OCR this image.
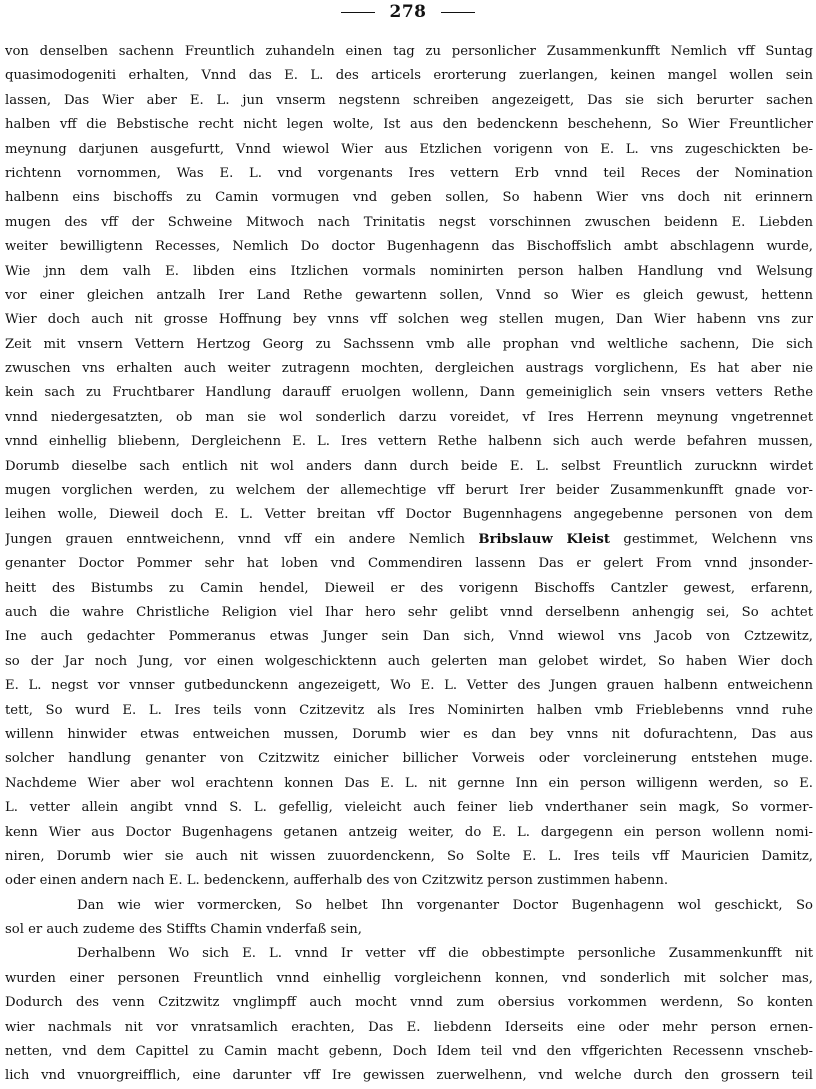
278
von denselben sachenn Freuntlich zuhandeln einen tag zu personlicher Zusammenkunfft Nemlich vff Suntag
quasimodogeniti erhalten, Vnnd das E. L. des articels erorterung zuerlangen, keinen mangel wollen sein
lassen, Das Wier aber E. L. jun vnserm negstenn schreiben angezeigett, Das sie sich berurter sachen
halben vff die Bebstische recht nicht legen wolte, Ist aus den bedenckenn beschehenn, So Wier Freuntlicher
meynung darjunen ausgefurtt, Vnnd wiewol Wier aus Etzlichen vorigenn von E. L. vns zugeschickten be-
richtenn vornommen, Was E. L. vnd vorgenants Ires vettern Erb vnnd teil Reces der Nomination
halbenn eins bischoffs zu Camin vormugen vnd geben sollen, So habenn Wier vns doch nit erinnern
mugen des vff der Schweine Mitwoch nach Trinitatis negst vorschinnen zwuschen beidenn E. Liebden
weiter bewilligtenn Recesses, Nemlich Do doctor Bugenhagenn das Bischoffslich ambt abschlagenn wurde,
Wie jnn dem valh E. libden eins Itzlichen vormals nominirten person halben Handlung vnd Welsung
vor einer gleichen antzalh Irer Land Rethe gewartenn sollen, Vnnd so Wier es gleich gewust, hettenn
Wier doch auch nit grosse Hoffnung bey vnns vff solchen weg stellen mugen, Dan Wier habenn vns zur
Zeit mit vnsern Vettern Hertzog Georg zu Sachssenn vmb alle prophan vnd weltliche sachenn, Die sich
zwuschen vns erhalten auch weiter zutragenn mochten, dergleichen austrags vorglichenn, Es hat aber nie
kein sach zu Fruchtbarer Handlung darauff eruolgen wollenn, Dann gemeiniglich sein vnsers vetters Rethe
vnnd niedergesatzten, ob man sie wol sonderlich darzu voreidet, vf Ires Herrenn meynung vngetrennet
vnnd einhellig bliebenn, Dergleichenn E. L. Ires vettern Rethe halbenn sich auch werde befahren mussen,
Dorumb dieselbe sach entlich nit wol anders dann durch beide E. L. selbst Freuntlich zurucknn wirdet
mugen vorglichen werden, zu welchem der allemechtige vff berurt Irer beider Zusammenkunfft gnade vor-
leihen wolle, Dieweil doch E. L. Vetter breitan vff Doctor Bugennhagens angegebenne personen von dem
Jungen grauen enntweichenn, vnnd vff ein andere Nemlich Bribslauw Kleist gestimmet, Welchenn vns
genanter Doctor Pommer sehr hat loben vnd Commendiren lassenn Das er gelert From vnnd jnsonder-
heitt des Bistumbs zu Camin hendel, Dieweil er des vorigenn Bischoffs Cantzler gewest, erfarenn,
auch die wahre Christliche Religion viel Ihar hero sehr gelibt vnnd derselbenn anhengig sei, So achtet
Ine auch gedachter Pommeranus etwas Junger sein Dan sich, Vnnd wiewol vns Jacob von Cztzewitz,
so der Jar noch Jung, vor einen wolgeschicktenn auch gelerten man gelobet wirdet, So haben Wier doch
E. L. negst vor vnnser gutbedunckenn angezeigett, Wo E. L. Vetter des Jungen grauen halbenn entweichenn
tett, So wurd E. L. Ires teils vonn Czitzevitz als Ires Nominirten halben vmb Frieblebenns vnnd ruhe
willenn hinwider etwas entweichen mussen, Dorumb wier es dan bey vnns nit dofurachtenn, Das aus
solcher handlung genanter von Czitzwitz einicher billicher Vorweis oder vorcleinerung entstehen muge.
Nachdeme Wier aber wol erachtenn konnen Das E. L. nit gernne Inn ein person willigenn werden, so E.
L. vetter allein angibt vnnd S. L. gefellig, vieleicht auch feiner lieb vnderthaner sein magk, So vormer-
kenn Wier aus Doctor Bugenhagens getanen antzeig weiter, do E. L. dargegenn ein person wollenn nomi-
niren, Dorumb wier sie auch nit wissen zuuordenckenn, So Solte E. L. Ires teils vff Mauricien Damitz,
oder einen andern nach E. L. bedenckenn, aufferhalb des von Czitzwitz person zustimmen habenn.
Dan wie wier vormercken, So helbet Ihn vorgenanter Doctor Bugenhagenn wol geschickt, So
sol er auch zudeme des Stiffts Chamin vnderfaß sein,
Derhalbenn Wo sich E. L. vnnd Ir vetter vff die obbestimpte personliche Zusammenkunfft nit
wurden einer personen Freuntlich vnnd einhellig vorgleichenn konnen, vnd sonderlich mit solcher mas,
Dodurch des venn Czitzwitz vnglimpff auch mocht vnnd zum obersius vorkommen werdenn, So konten
wier nachmals nit vor vnratsamlich erachten, Das E. liebdenn Iderseits eine oder mehr person ernen-
netten, vnd dem Capittel zu Camin macht gebenn, Doch Idem teil vnd den vffgerichten Recessenn vnscheb-
lich vnd vnuorgreifflich, eine darunter vff Ire gewissen zuerwelhenn, vnd welche durch den grossern teil
